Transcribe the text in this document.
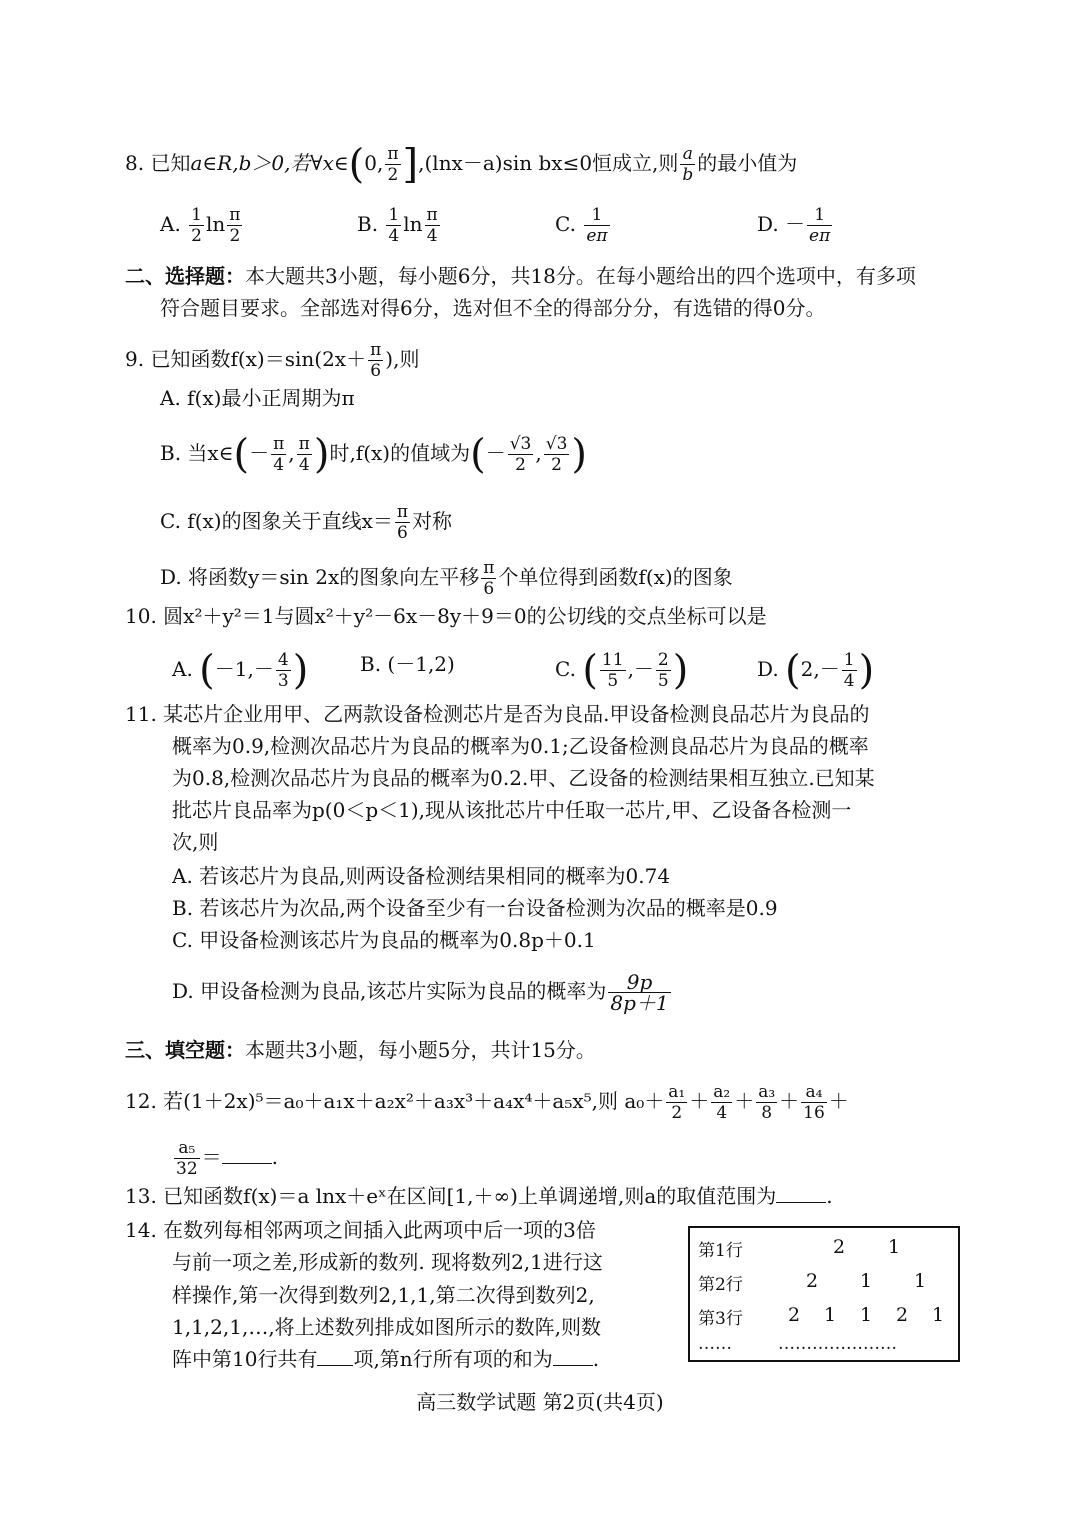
8. 已知a∈R,b＞0,若∀x∈(0, $\frac{\pi}{2} ],(\ln x-a)\sin$ bx≤0恒成立,则 $\frac{a}{b}$ 的最小值为
A. $\frac{1}{2}$ $\ln \frac{\pi}{2}$	B. $\frac{1}{4}$ $\ln \frac{\pi}{4}$	C. $\frac{1}{e\pi}$	D. － $\frac{1}{e\pi}$
二、选择题：本大题共3小题，每小题6分，共18分。在每小题给出的四个选项中，有多项
符合题目要求。全部选对得6分，选对但不全的得部分分，有选错的得0分。
9. 已知函数$f(x)=\sin(2x+ \frac{\pi}{6}$ ),则
A. f(x)最小正周期为π
B. 当x∈(－ $\frac{\pi}{4}$ , $\frac{\pi}{4}$ )时,f(x)的值域为(－ $\frac{√3}{2}$ , $\frac{√3}{2}$ )
C. f(x)的图象关于直线$x= \frac{\pi}{6}$ 对称
D. 将函数y＝sin 2x的图象向左平移 $\frac{\pi}{6}$ 个单位得到函数f(x)的图象
10. 圆x²＋y²＝1与圆x²＋y²－6x－8y＋9＝0的公切线的交点坐标可以是
A. ($-1,- \frac{4}{3}$ )	B. (－1,2)	C. ( $\frac{11}{5}$ ,－ $\frac{2}{5}$ )	D. ($2,- \frac{1}{4}$ )
11. 某芯片企业用甲、乙两款设备检测芯片是否为良品.甲设备检测良品芯片为良品的
概率为0.9,检测次品芯片为良品的概率为0.1;乙设备检测良品芯片为良品的概率
为0.8,检测次品芯片为良品的概率为0.2.甲、乙设备的检测结果相互独立.已知某
批芯片良品率为p(0＜p＜1),现从该批芯片中任取一芯片,甲、乙设备各检测一
次,则
A. 若该芯片为良品,则两设备检测结果相同的概率为0.74
B. 若该芯片为次品,两个设备至少有一台设备检测为次品的概率是0.9
C. 甲设备检测该芯片为良品的概率为0.8p＋0.1
D. 甲设备检测为良品,该芯片实际为良品的概率为 $\frac{9p}{8p+1}$
三、填空题：本题共3小题，每小题5分，共计15分。
12. 若(1＋2x)⁵＝a₀＋a₁x＋a₂x²＋a₃x³＋a₄x⁴＋a₅x⁵,则 $a_0+ \frac{\text{a₁}}{2} + \frac{\text{a₂}}{4} + \frac{\text{a₃}}{8} + \frac{\text{a₄}}{16}$ ＋
$\frac{\text{a₅}}{32}$ ＝	.
13. 已知函数f(x)＝a lnx＋eˣ在区间[1,＋∞)上单调递增,则a的取值范围为	.
14. 在数列每相邻两项之间插入此两项中后一项的3倍
与前一项之差,形成新的数列. 现将数列2,1进行这
样操作,第一次得到数列2,1,1,第二次得到数列2,
1,1,2,1,…,将上述数列排成如图所示的数阵,则数
阵中第10行共有 项,第n行所有项的和为 .
第1行	2 1
第2行	2 1 1
第3行 2 1 1 2 1
……	…………………
高三数学试题 第2页(共4页)
